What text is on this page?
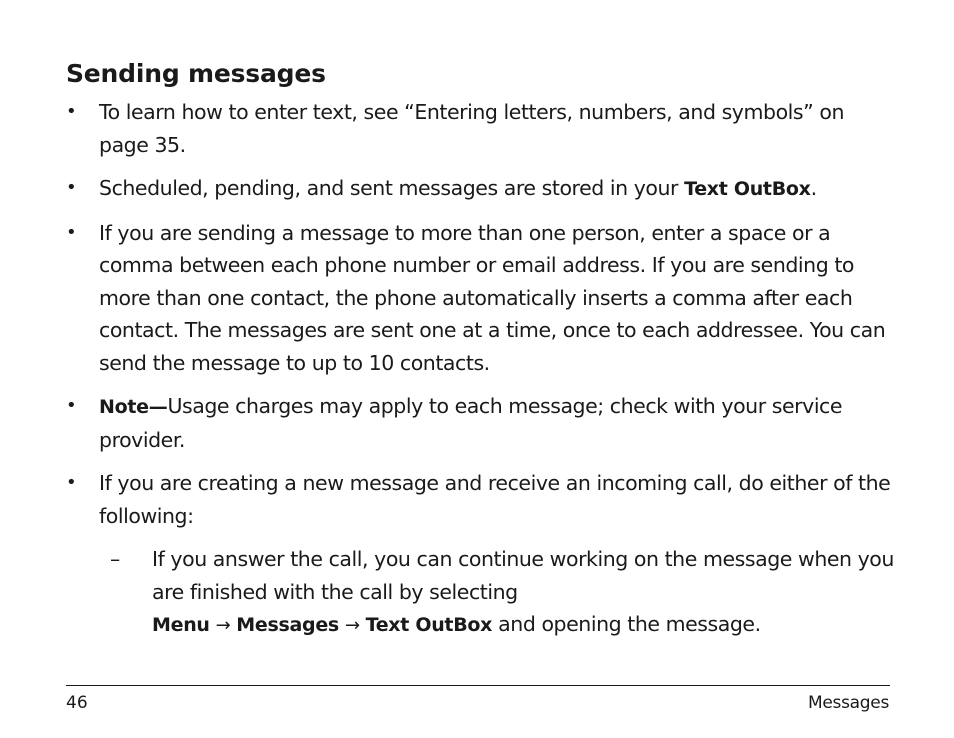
Sending messages
• To learn how to enter text, see “Entering letters, numbers, and symbols” on page 35.
• Scheduled, pending, and sent messages are stored in your Text OutBox.
• If you are sending a message to more than one person, enter a space or a comma between each phone number or email address. If you are sending to more than one contact, the phone automatically inserts a comma after each contact. The messages are sent one at a time, once to each addressee. You can send the message to up to 10 contacts.
• Note—Usage charges may apply to each message; check with your service provider.
• If you are creating a new message and receive an incoming call, do either of the following:
– If you answer the call, you can continue working on the message when you are finished with the call by selecting
Menu → Messages → Text OutBox and opening the message.
46	Messages
